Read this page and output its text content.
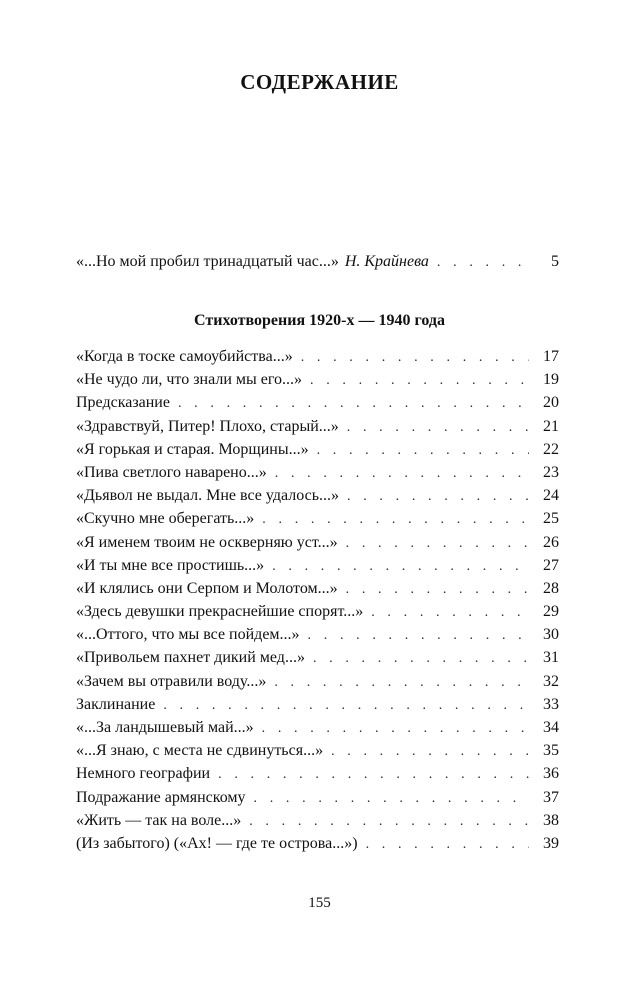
СОДЕРЖАНИЕ
«...Но мой пробил тринадцатый час...» Н. Крайнева . . .	5
Стихотворения 1920-х — 1940 года
«Когда в тоске самоубийства...» . . .	17
«Не чудо ли, что знали мы его...» . . .	19
Предсказание . . .	20
«Здравствуй, Питер! Плохо, старый...» . . .	21
«Я горькая и старая. Морщины...» . . .	22
«Пива светлого наварено...» . . .	23
«Дьявол не выдал. Мне все удалось...» . . .	24
«Скучно мне оберегать...» . . .	25
«Я именем твоим не оскверняю уст...» . . .	26
«И ты мне все простишь...» . . .	27
«И клялись они Серпом и Молотом...» . . .	28
«Здесь девушки прекраснейшие спорят...» . . .	29
«...Оттого, что мы все пойдем...» . . .	30
«Привольем пахнет дикий мед...» . . .	31
«Зачем вы отравили воду...» . . .	32
Заклинание . . .	33
«...За ландышевый май...» . . .	34
«...Я знаю, с места не сдвинуться...» . . .	35
Немного географии . . .	36
Подражание армянскому . . .	37
«Жить — так на воле...» . . .	38
(Из забытого) («Ах! — где те острова...») . . .	39
155
